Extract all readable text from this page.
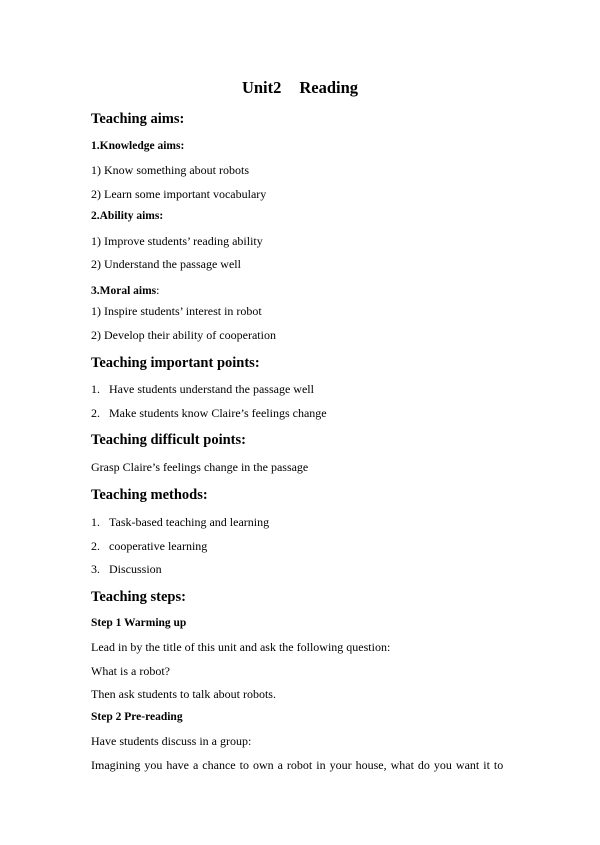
Unit2 Reading
Teaching aims:
1.Knowledge aims:
1) Know something about robots
2) Learn some important vocabulary
2.Ability aims:
1) Improve students’ reading ability
2) Understand the passage well
3.Moral aims:
1) Inspire students’ interest in robot
2) Develop their ability of cooperation
Teaching important points:
1. Have students understand the passage well
2. Make students know Claire’s feelings change
Teaching difficult points:
Grasp Claire’s feelings change in the passage
Teaching methods:
1. Task-based teaching and learning
2. cooperative learning
3. Discussion
Teaching steps:
Step 1 Warming up
Lead in by the title of this unit and ask the following question:
What is a robot?
Then ask students to talk about robots.
Step 2 Pre-reading
Have students discuss in a group:
Imagining you have a chance to own a robot in your house, what do you want it to
